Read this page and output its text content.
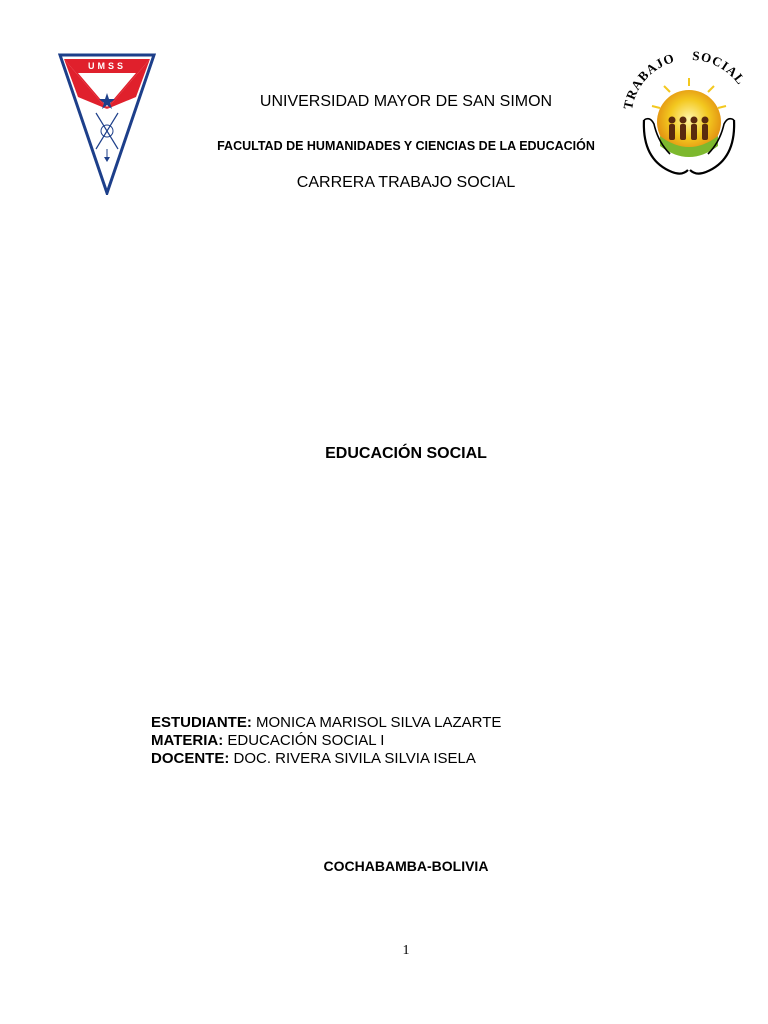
UMSS
RABAJO SOCIAL
UNIVERSIDAD MAYOR DE SAN SIMON
FACULTAD DE HUMANIDADES Y CIENCIAS DE LA EDUCACIÓN
CARRERA TRABAJO SOCIAL
EDUCACIÓN SOCIAL
ESTUDIANTE: MONICA MARISOL SILVA LAZARTE
MATERIA: EDUCACIÓN SOCIAL I
DOCENTE: DOC. RIVERA SIVILA SILVIA ISELA
COCHABAMBA-BOLIVIA
1
